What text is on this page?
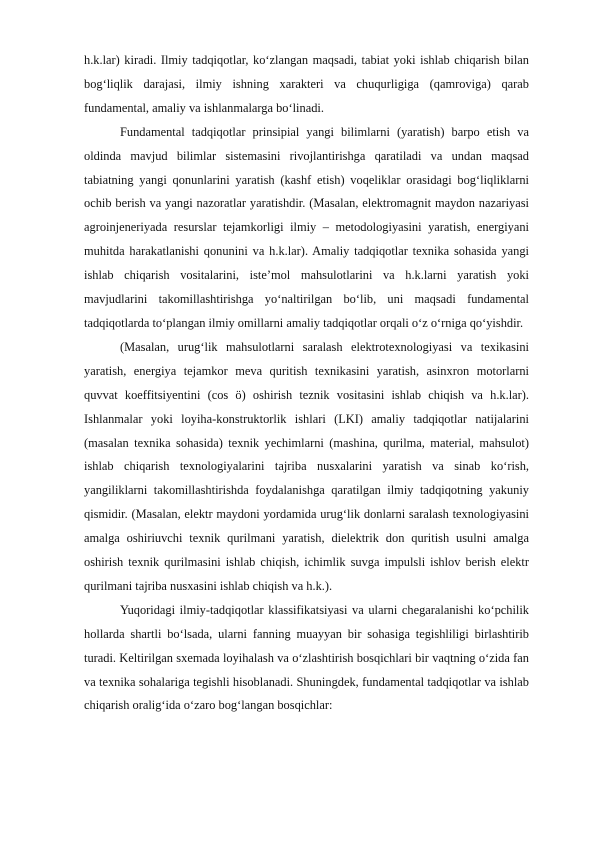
h.k.lar) kiradi. Ilmiy tadqiqotlar, ko‘zlangan maqsadi, tabiat yoki ishlab chiqarish bilan bog‘liqlik darajasi, ilmiy ishning xarakteri va chuqurligiga (qamroviga) qarab fundamental, amaliy va ishlanmalarga bo‘linadi.

Fundamental tadqiqotlar prinsipial yangi bilimlarni (yaratish) barpo etish va oldinda mavjud bilimlar sistemasini rivojlantirishga qaratiladi va undan maqsad tabiatning yangi qonunlarini yaratish (kashf etish) voqeliklar orasidagi bog‘liqliklarni ochib berish va yangi nazoratlar yaratishdir. (Masalan, elektromagnit maydon nazariyasi agroinjeneriyada resurslar tejamkorligi ilmiy – metodologiyasini yaratish, energiyani muhitda harakatlanishi qonunini va h.k.lar). Amaliy tadqiqotlar texnika sohasida yangi ishlab chiqarish vositalarini, iste’mol mahsulotlarini va h.k.larni yaratish yoki mavjudlarini takomillashtirishga yo‘naltirilgan bo‘lib, uni maqsadi fundamental tadqiqotlarda to‘plangan ilmiy omillarni amaliy tadqiqotlar orqali o‘z o‘rniga qo‘yishdir.

(Masalan, urug‘lik mahsulotlarni saralash elektrotexnologiyasi va texikasini yaratish, energiya tejamkor meva quritish texnikasini yaratish, asinxron motorlarni quvvat koeffitsiyentini (cos ö) oshirish teznik vositasini ishlab chiqish va h.k.lar). Ishlanmalar yoki loyiha-konstruktorlik ishlari (LKI) amaliy tadqiqotlar natijalarini (masalan texnika sohasida) texnik yechimlarni (mashina, qurilma, material, mahsulot) ishlab chiqarish texnologiyalarini tajriba nusxalarini yaratish va sinab ko‘rish, yangiliklarni takomillashtirishda foydalanishga qaratilgan ilmiy tadqiqotning yakuniy qismidir. (Masalan, elektr maydoni yordamida urug‘lik donlarni saralash texnologiyasini amalga oshiriuvchi texnik qurilmani yaratish, dielektrik don quritish usulni amalga oshirish texnik qurilmasini ishlab chiqish, ichimlik suvga impulsli ishlov berish elektr qurilmani tajriba nusxasini ishlab chiqish va h.k.).

Yuqoridagi ilmiy-tadqiqotlar klassifikatsiyasi va ularni chegaralanishi ko‘pchilik hollarda shartli bo‘lsada, ularni fanning muayyan bir sohasiga tegishliligi birlashtirib turadi. Keltirilgan sxemada loyihalash va o‘zlashtirish bosqichlari bir vaqtning o‘zida fan va texnika sohalariga tegishli hisoblanadi. Shuningdek, fundamental tadqiqotlar va ishlab chiqarish oralig‘ida o‘zaro bog‘langan bosqichlar:
